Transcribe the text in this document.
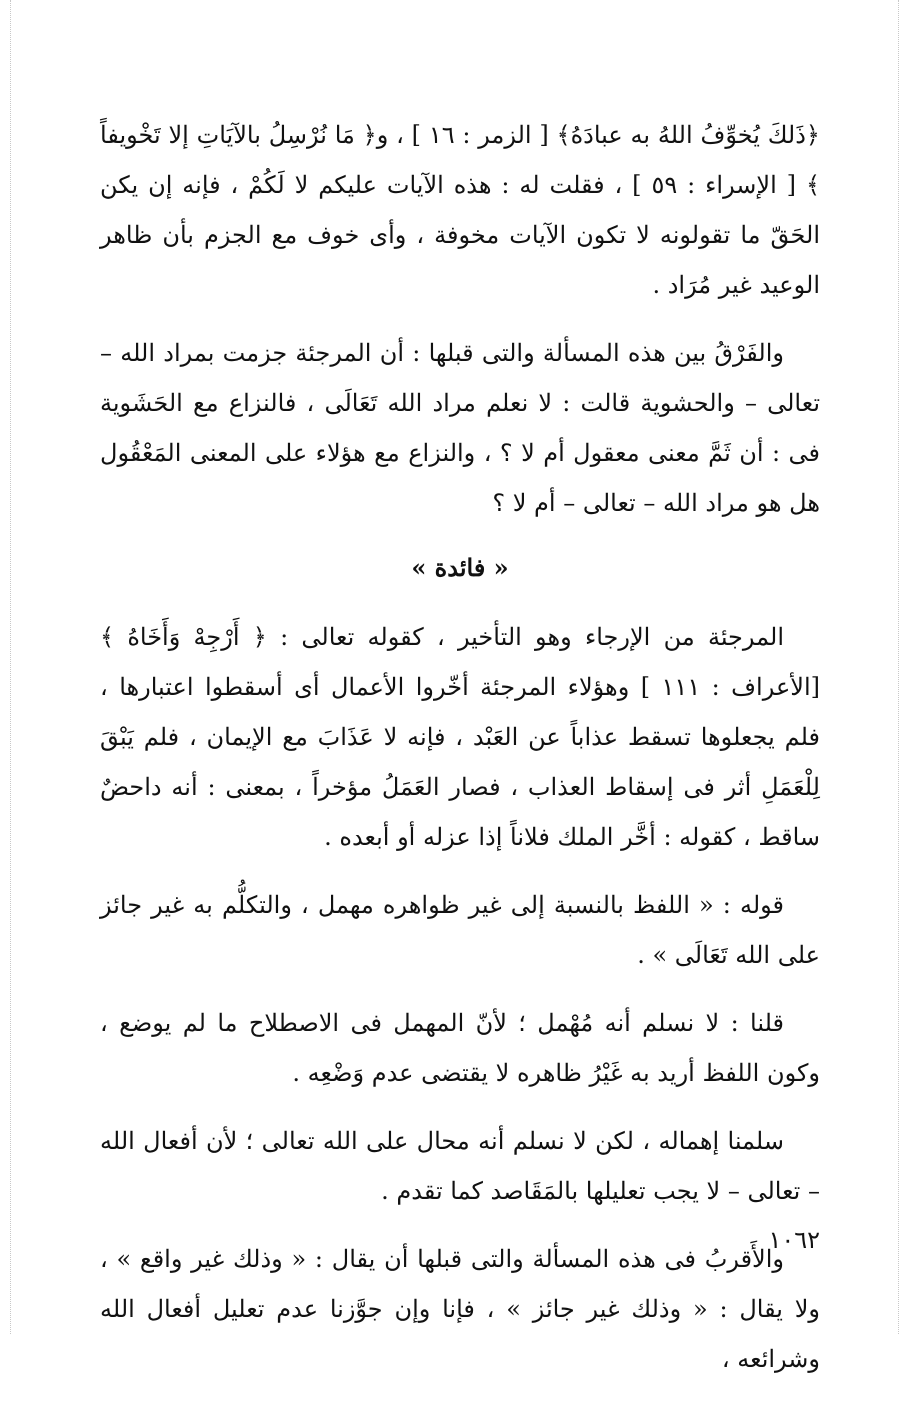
﴿ذَلكَ يُخوِّفُ اللهُ به عبادَهُ﴾ [ الزمر : ١٦ ] ، و﴿ مَا نُرْسِلُ بالآيَاتِ إلا تَخْويفاً ﴾ [ الإسراء : ٥٩ ] ، فقلت له : هذه الآيات عليكم لا لَكُمْ ، فإنه إن يكن الحَقّ ما تقولونه لا تكون الآيات مخوفة ، وأى خوف مع الجزم بأن ظاهر الوعيد غير مُرَاد .

والفَرْقُ بين هذه المسألة والتى قبلها : أن المرجئة جزمت بمراد الله – تعالى – والحشوية قالت : لا نعلم مراد الله تَعَالَى ، فالنزاع مع الحَشَوية فى : أن ثَمَّ معنى معقول أم لا ؟ ، والنزاع مع هؤلاء على المعنى المَعْقُول هل هو مراد الله – تعالى – أم لا ؟

« فائدة »

المرجئة من الإرجاء وهو التأخير ، كقوله تعالى : ﴿ أَرْجِهْ وَأَخَاهُ ﴾ [الأعراف : ١١١ ] وهؤلاء المرجئة أخّروا الأعمال أى أسقطوا اعتبارها ، فلم يجعلوها تسقط عذاباً عن العَبْد ، فإنه لا عَذَابَ مع الإيمان ، فلم يَبْقَ لِلْعَمَلِ أثر فى إسقاط العذاب ، فصار العَمَلُ مؤخراً ، بمعنى : أنه داحضٌ ساقط ، كقوله : أخَّر الملك فلاناً إذا عزله أو أبعده .

قوله : « اللفظ بالنسبة إلى غير ظواهره مهمل ، والتكلُّم به غير جائز على الله تَعَالَى » .

قلنا : لا نسلم أنه مُهْمل ؛ لأنّ المهمل فى الاصطلاح ما لم يوضع ، وكون اللفظ أريد به غَيْرُ ظاهره لا يقتضى عدم وَضْعِه .

سلمنا إهماله ، لكن لا نسلم أنه محال على الله تعالى ؛ لأن أفعال الله – تعالى – لا يجب تعليلها بالمَقَاصد كما تقدم .

والأَقربُ فى هذه المسألة والتى قبلها أن يقال : « وذلك غير واقع » ، ولا يقال : « وذلك غير جائز » ، فإنا وإن جوَّزنا عدم تعليل أفعال الله وشرائعه ،

١٠٦٢
